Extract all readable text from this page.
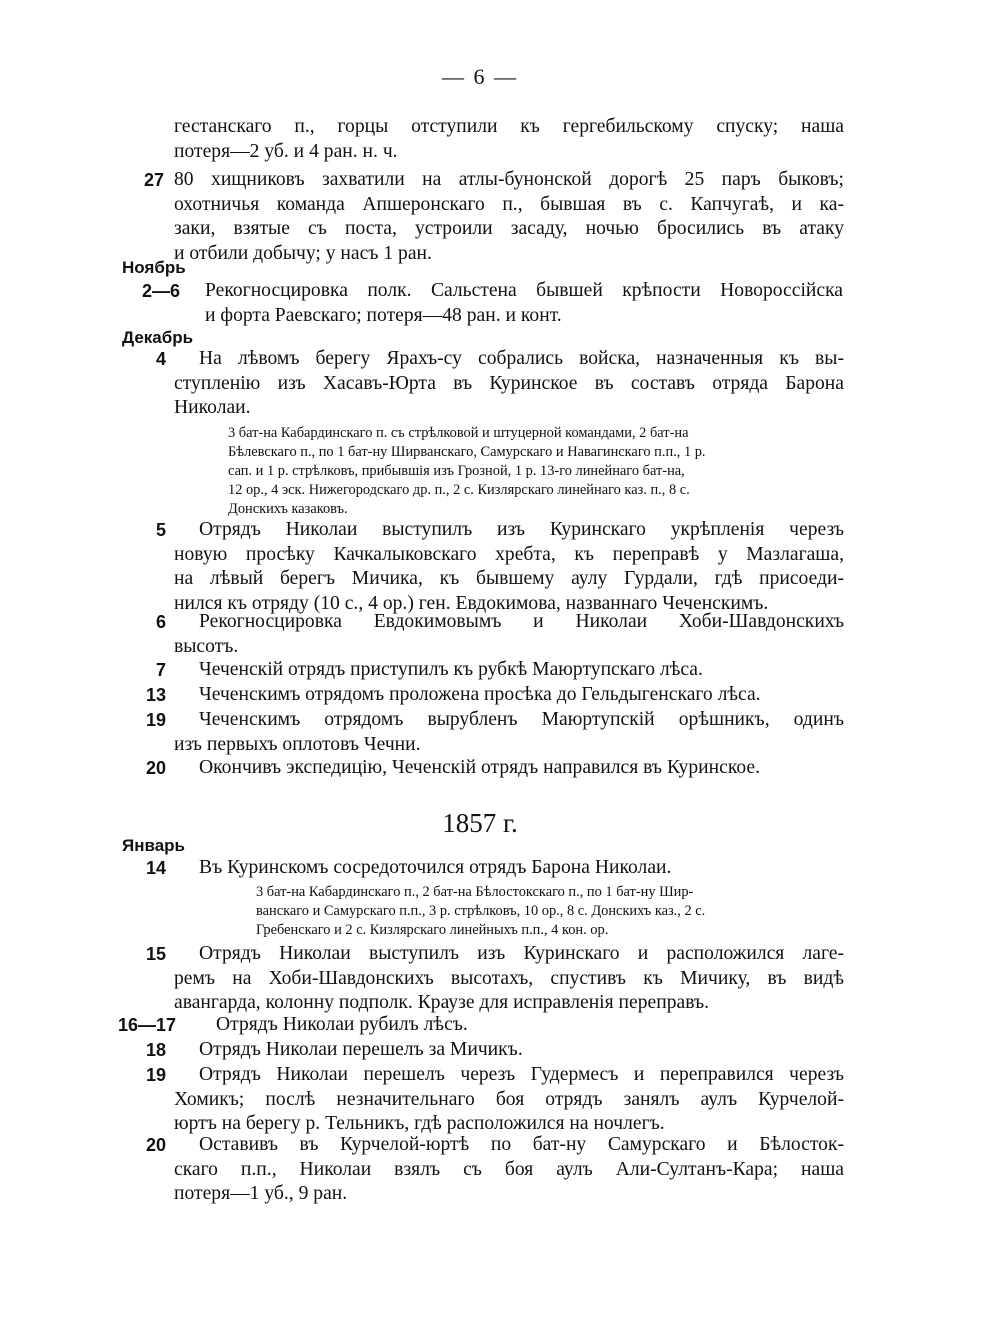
— 6 —
гестанскаго п., горцы отступили къ гергебильскому спуску; наша
потеря—2 уб. и 4 ран. н. ч.
27 80 хищниковъ захватили на атлы-бунонской дорогѣ 25 паръ быковъ;
охотничья команда Апшеронскаго п., бывшая въ с. Капчугаѣ, и ка-
заки, взятые съ поста, устроили засаду, ночью бросились въ атаку
и отбили добычу; у насъ 1 ран.
Ноябрь
2—6 Рекогносцировка полк. Сальстена бывшей крѣпости Новороссійска
и форта Раевскаго; потеря—48 ран. и конт.
Декабрь
4 На лѣвомъ берегу Ярахъ-су собрались войска, назначенныя къ вы-
ступленію изъ Хасавъ-Юрта въ Куринское въ составъ отряда Барона
Николаи.
3 бат-на Кабардинскаго п. съ стрѣлковой и штуцерной командами, 2 бат-на
Бѣлевскаго п., по 1 бат-ну Ширванскаго, Самурскаго и Навагинскаго п.п., 1 р.
сап. и 1 р. стрѣлковъ, прибывшія изъ Грозной, 1 р. 13-го линейнаго бат-на,
12 ор., 4 эск. Нижегородскаго др. п., 2 с. Кизлярскаго линейнаго каз. п., 8 с.
Донскихъ казаковъ.
5 Отрядъ Николаи выступилъ изъ Куринскаго укрѣпленія черезъ
новую просѣку Качкалыковскаго хребта, къ переправѣ у Мазлагаша,
на лѣвый берегъ Мичика, къ бывшему аулу Гурдали, гдѣ присоеди-
нился къ отряду (10 с., 4 ор.) ген. Евдокимова, названнаго Чеченскимъ.
6 Рекогносцировка Евдокимовымъ и Николаи Хоби-Шавдонскихъ
высотъ.
7 Чеченскій отрядъ приступилъ къ рубкѣ Маюртупскаго лѣса.
13 Чеченскимъ отрядомъ проложена просѣка до Гельдыгенскаго лѣса.
19 Чеченскимъ отрядомъ вырубленъ Маюртупскій орѣшникъ, одинъ
изъ первыхъ оплотовъ Чечни.
20 Окончивъ экспедицію, Чеченскій отрядъ направился въ Куринское.
1857 г.
Январь
14 Въ Куринскомъ сосредоточился отрядъ Барона Николаи.
3 бат-на Кабардинскаго п., 2 бат-на Бѣлостокскаго п., по 1 бат-ну Шир-
ванскаго и Самурскаго п.п., 3 р. стрѣлковъ, 10 ор., 8 с. Донскихъ каз., 2 с.
Гребенскаго и 2 с. Кизлярскаго линейныхъ п.п., 4 кон. ор.
15 Отрядъ Николаи выступилъ изъ Куринскаго и расположился лаге-
ремъ на Хоби-Шавдонскихъ высотахъ, спустивъ къ Мичику, въ видѣ
авангарда, колонну подполк. Краузе для исправленія переправъ.
16—17 Отрядъ Николаи рубилъ лѣсъ.
18 Отрядъ Николаи перешелъ за Мичикъ.
19 Отрядъ Николаи перешелъ черезъ Гудермесъ и переправился черезъ
Хомикъ; послѣ незначительнаго боя отрядъ занялъ аулъ Курчелой-
юртъ на берегу р. Тельникъ, гдѣ расположился на ночлегъ.
20 Оставивъ въ Курчелой-юртѣ по бат-ну Самурскаго и Бѣлосток-
скаго п.п., Николаи взялъ съ боя аулъ Али-Султанъ-Кара; наша
потеря—1 уб., 9 ран.
